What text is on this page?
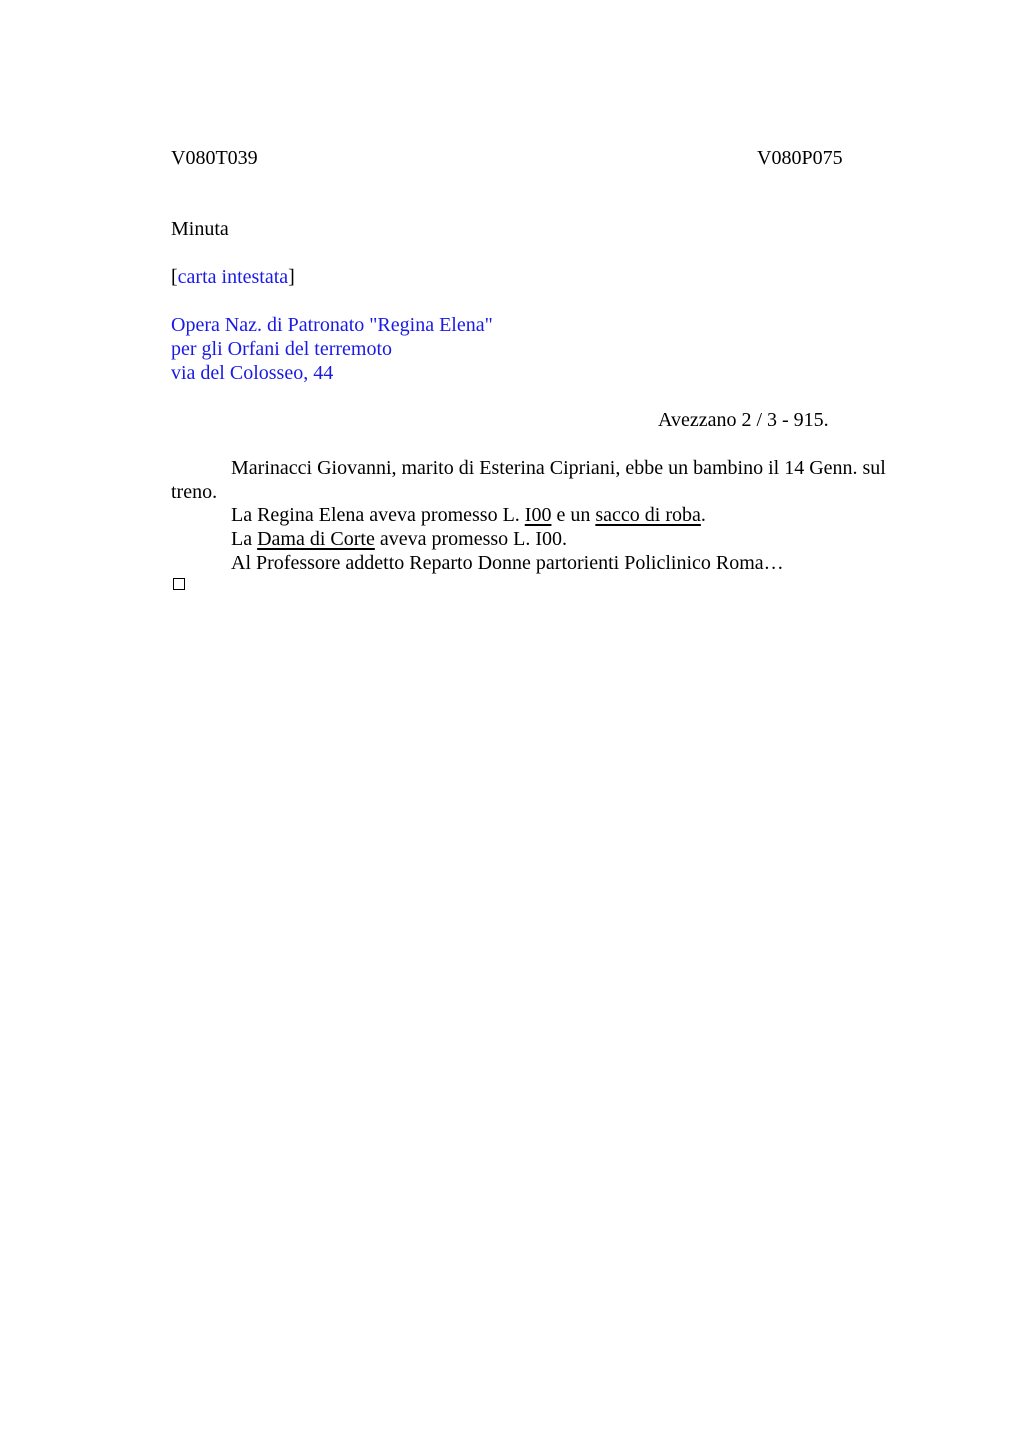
V080T039	V080P075
Minuta
[carta intestata]
Opera Naz. di Patronato "Regina Elena"
per gli Orfani del terremoto
via del Colosseo, 44
Avezzano 2 / 3 - 915.
Marinacci Giovanni, marito di Esterina Cipriani, ebbe un bambino il 14 Genn. sul
treno.
La Regina Elena aveva promesso L. I00 e un sacco di roba.
La Dama di Corte aveva promesso L. I00.
Al Professore addetto Reparto Donne partorienti Policlinico Roma…
